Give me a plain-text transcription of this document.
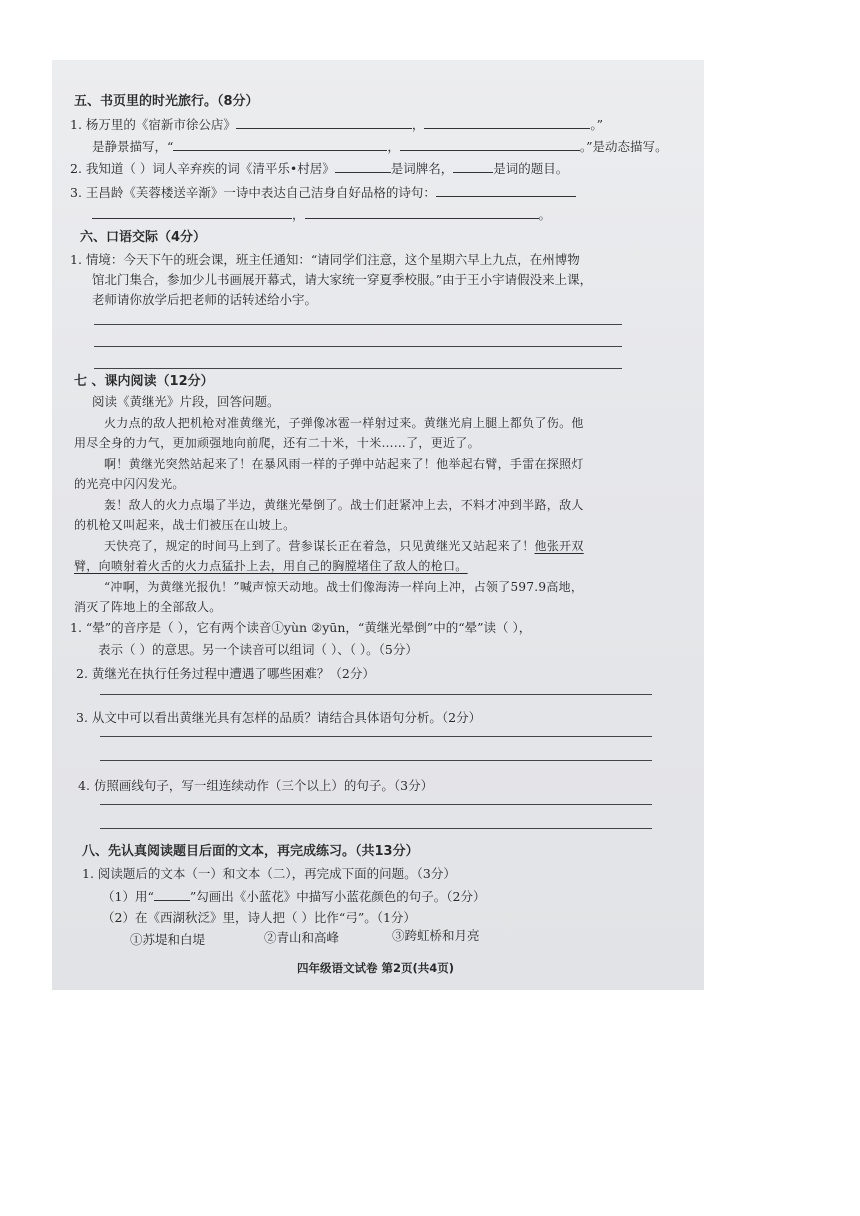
五、书页里的时光旅行。（8分）
1. 杨万里的《宿新市徐公店》	，	。”
是静景描写，“	，	。”是动态描写。
2. 我知道（ ）词人辛弃疾的词《清平乐•村居》	是词牌名，	是词的题目。
3. 王昌龄《芙蓉楼送辛渐》一诗中表达自己洁身自好品格的诗句：
，	。
六、口语交际（4分）
1. 情境：今天下午的班会课，班主任通知：“请同学们注意，这个星期六早上九点，在州博物
馆北门集合，参加少儿书画展开幕式，请大家统一穿夏季校服。”由于王小宇请假没来上课，
老师请你放学后把老师的话转述给小宇。
七 、课内阅读（12分）
阅读《黄继光》片段，回答问题。
火力点的敌人把机枪对准黄继光，子弹像冰雹一样射过来。黄继光肩上腿上都负了伤。他
用尽全身的力气，更加顽强地向前爬，还有二十米，十米……了，更近了。
啊！黄继光突然站起来了！在暴风雨一样的子弹中站起来了！他举起右臂，手雷在探照灯
的光亮中闪闪发光。
轰！敌人的火力点塌了半边，黄继光晕倒了。战士们赶紧冲上去，不料才冲到半路，敌人
的机枪又叫起来，战士们被压在山坡上。
天快亮了，规定的时间马上到了。营参谋长正在着急，只见黄继光又站起来了！他张开双
臂，向喷射着火舌的火力点猛扑上去，用自己的胸膛堵住了敌人的枪口。
“冲啊，为黄继光报仇！”喊声惊天动地。战士们像海涛一样向上冲，占领了597.9高地，
消灭了阵地上的全部敌人。
1. “晕”的音序是（ ），它有两个读音①yùn ②yūn，“黄继光晕倒”中的“晕”读（ ），
表示（ ）的意思。另一个读音可以组词（ ）、（ ）。（5分）
2. 黄继光在执行任务过程中遭遇了哪些困难？（2分）
3. 从文中可以看出黄继光具有怎样的品质？请结合具体语句分析。（2分）
4. 仿照画线句子，写一组连续动作（三个以上）的句子。（3分）
八、先认真阅读题目后面的文本，再完成练习。（共13分）
1. 阅读题后的文本（一）和文本（二），再完成下面的问题。（3分）
（1）用“	”勾画出《小蓝花》中描写小蓝花颜色的句子。（2分）
（2）在《西湖秋泛》里，诗人把（ ）比作“弓”。（1分）
①苏堤和白堤	②青山和高峰	③跨虹桥和月亮
四年级语文试卷 第2页(共4页)
